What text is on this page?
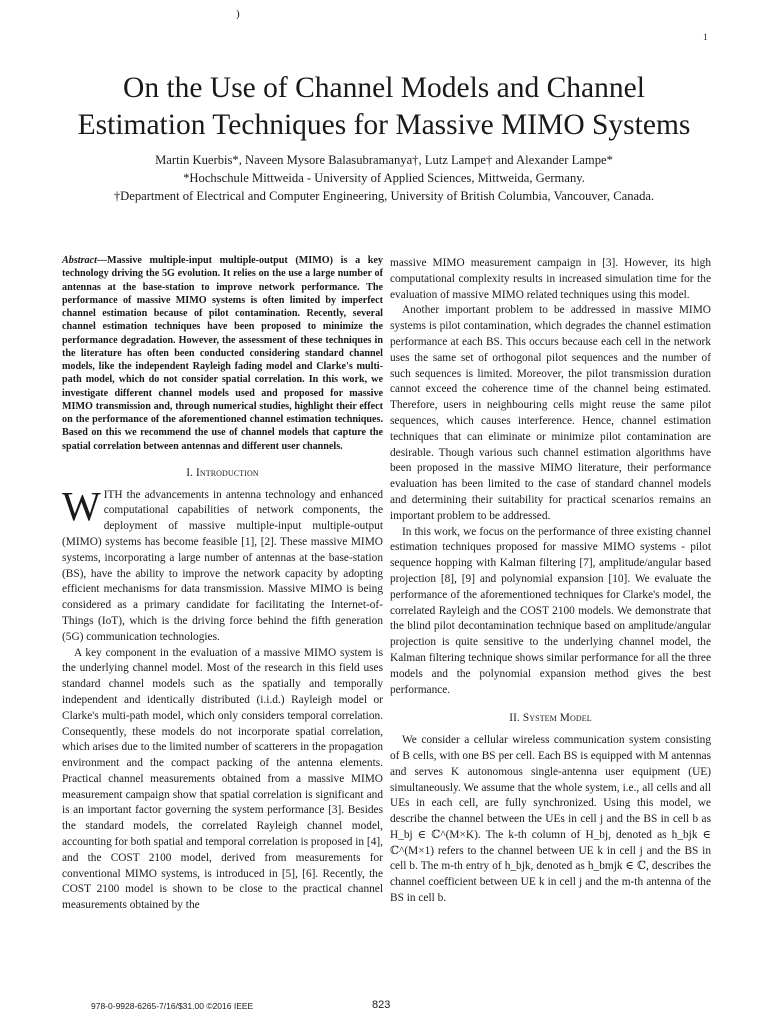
)
1
On the Use of Channel Models and Channel
Estimation Techniques for Massive MIMO Systems
Martin Kuerbis*, Naveen Mysore Balasubramanya†, Lutz Lampe† and Alexander Lampe*
*Hochschule Mittweida - University of Applied Sciences, Mittweida, Germany.
†Department of Electrical and Computer Engineering, University of British Columbia, Vancouver, Canada.

Abstract—Massive multiple-input multiple-output (MIMO) is a key technology driving the 5G evolution. It relies on the use a large number of antennas at the base-station to improve network performance. The performance of massive MIMO systems is often limited by imperfect channel estimation because of pilot contamination. Recently, several channel estimation techniques have been proposed to minimize the performance degradation. However, the assessment of these techniques in the literature has often been conducted considering standard channel models, like the independent Rayleigh fading model and Clarke's multi-path model, which do not consider spatial correlation. In this work, we investigate different channel models used and proposed for massive MIMO transmission and, through numerical studies, highlight their effect on the performance of the aforementioned channel estimation techniques. Based on this we recommend the use of channel models that capture the spatial correlation between antennas and different user channels.

I. Introduction

WITH the advancements in antenna technology and enhanced computational capabilities of network components, the deployment of massive multiple-input multiple-output (MIMO) systems has become feasible [1], [2]. These massive MIMO systems, incorporating a large number of antennas at the base-station (BS), have the ability to improve the network capacity by adopting efficient mechanisms for data transmission. Massive MIMO is being considered as a primary candidate for facilitating the Internet-of-Things (IoT), which is the driving force behind the fifth generation (5G) communication technologies.

A key component in the evaluation of a massive MIMO system is the underlying channel model. Most of the research in this field uses standard channel models such as the spatially and temporally independent and identically distributed (i.i.d.) Rayleigh model or Clarke's multi-path model, which only considers temporal correlation. Consequently, these models do not incorporate spatial correlation, which arises due to the limited number of scatterers in the propagation environment and the compact packing of the antenna elements. Practical channel measurements obtained from a massive MIMO measurement campaign show that spatial correlation is significant and is an important factor governing the system performance [3]. Besides the standard models, the correlated Rayleigh channel model, accounting for both spatial and temporal correlation is proposed in [4], and the COST 2100 model, derived from measurements for conventional MIMO systems, is introduced in [5], [6]. Recently, the COST 2100 model is shown to be close to the practical channel measurements obtained by the

massive MIMO measurement campaign in [3]. However, its high computational complexity results in increased simulation time for the evaluation of massive MIMO related techniques using this model.

Another important problem to be addressed in massive MIMO systems is pilot contamination, which degrades the channel estimation performance at each BS. This occurs because each cell in the network uses the same set of orthogonal pilot sequences and the number of such sequences is limited. Moreover, the pilot transmission duration cannot exceed the coherence time of the channel being estimated. Therefore, users in neighbouring cells might reuse the same pilot sequences, which causes interference. Hence, channel estimation techniques that can eliminate or minimize pilot contamination are desirable. Though various such channel estimation algorithms have been proposed in the massive MIMO literature, their performance evaluation has been limited to the case of standard channel models and determining their suitability for practical scenarios remains an important problem to be addressed.

In this work, we focus on the performance of three existing channel estimation techniques proposed for massive MIMO systems - pilot sequence hopping with Kalman filtering [7], amplitude/angular based projection [8], [9] and polynomial expansion [10]. We evaluate the performance of the aforementioned techniques for Clarke's model, the correlated Rayleigh and the COST 2100 models. We demonstrate that the blind pilot decontamination technique based on amplitude/angular projection is quite sensitive to the underlying channel model, the Kalman filtering technique shows similar performance for all the three models and the polynomial expansion method gives the best performance.

II. System Model

We consider a cellular wireless communication system consisting of B cells, with one BS per cell. Each BS is equipped with M antennas and serves K autonomous single-antenna user equipment (UE) simultaneously. We assume that the whole system, i.e., all cells and all UEs in each cell, are fully synchronized. Using this model, we describe the channel between the UEs in cell j and the BS in cell b as H_bj ∈ ℂ^(M×K). The k-th column of H_bj, denoted as h_bjk ∈ ℂ^(M×1) refers to the channel between UE k in cell j and the BS in cell b. The m-th entry of h_bjk, denoted as h_bmjk ∈ ℂ, describes the channel coefficient between UE k in cell j and the m-th antenna of the BS in cell b.

978-0-9928-6265-7/16/$31.00 ©2016 IEEE	823
